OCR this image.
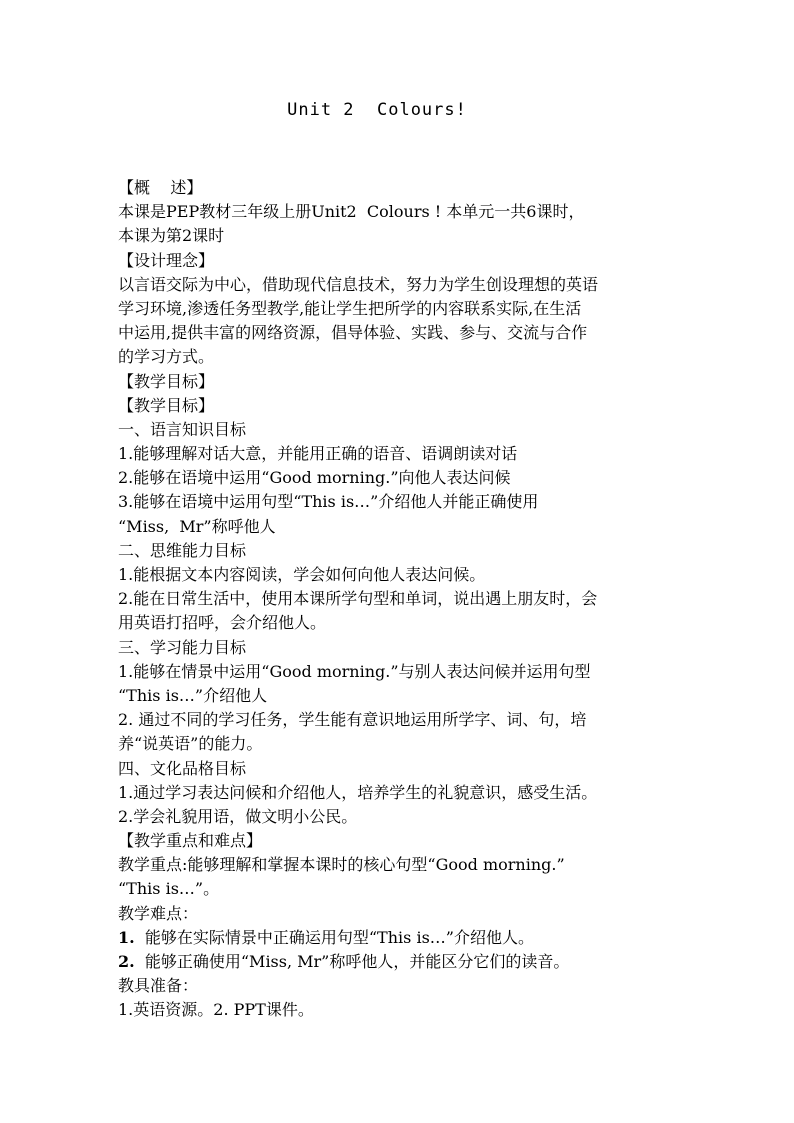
Unit 2  Colours!
【概    述】
本课是PEP教材三年级上册Unit2  Colours ! 本单元一共6课时，
本课为第2课时
【设计理念】
以言语交际为中心，借助现代信息技术，努力为学生创设理想的英语
学习环境,渗透任务型教学,能让学生把所学的内容联系实际,在生活
中运用,提供丰富的网络资源，倡导体验、实践、参与、交流与合作
的学习方式。
【教学目标】
【教学目标】
一、语言知识目标
1.能够理解对话大意，并能用正确的语音、语调朗读对话
2.能够在语境中运用“Good morning.”向他人表达问候
3.能够在语境中运用句型“This is…”介绍他人并能正确使用
“Miss,  Mr”称呼他人
二、思维能力目标
1.能根据文本内容阅读，学会如何向他人表达问候。
2.能在日常生活中，使用本课所学句型和单词，说出遇上朋友时，会
用英语打招呼，会介绍他人。
三、学习能力目标
1.能够在情景中运用“Good morning.”与别人表达问候并运用句型
“This is…”介绍他人
2. 通过不同的学习任务，学生能有意识地运用所学字、词、句，培
养“说英语”的能力。
四、文化品格目标
1.通过学习表达问候和介绍他人，培养学生的礼貌意识，感受生活。
2.学会礼貌用语，做文明小公民。
【教学重点和难点】
教学重点:能够理解和掌握本课时的核心句型“Good morning.”
“This is…”。
教学难点：
1. 能够在实际情景中正确运用句型“This is…”介绍他人。
2. 能够正确使用“Miss, Mr”称呼他人，并能区分它们的读音。
教具准备：
1.英语资源。2. PPT课件。
